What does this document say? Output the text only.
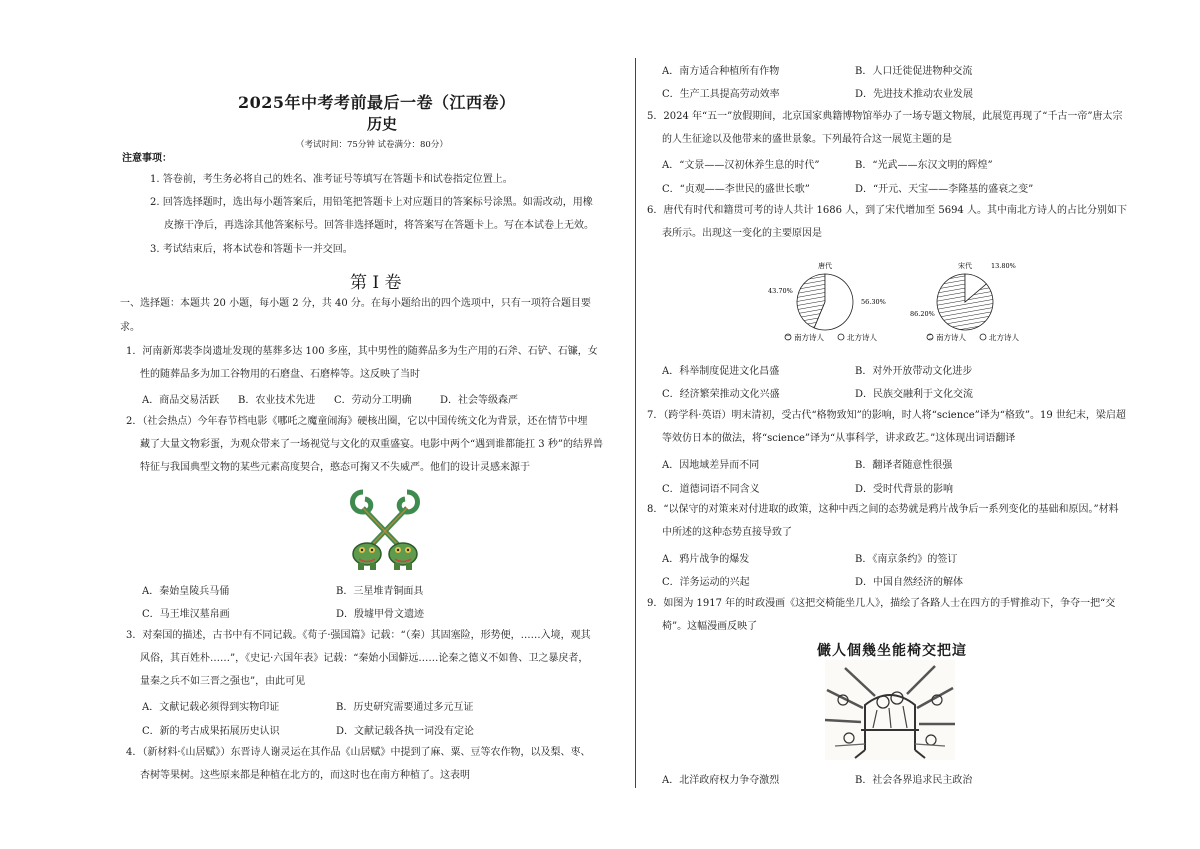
2025年中考考前最后一卷（江西卷）
历史
（考试时间：75分钟 试卷满分：80分）
注意事项：
1. 答卷前，考生务必将自己的姓名、准考证号等填写在答题卡和试卷指定位置上。
2. 回答选择题时，选出每小题答案后，用铅笔把答题卡上对应题目的答案标号涂黑。如需改动，用橡
皮擦干净后，再选涂其他答案标号。回答非选择题时，将答案写在答题卡上。写在本试卷上无效。
3. 考试结束后，将本试卷和答题卡一并交回。
第 I 卷
一、选择题：本题共 20 小题，每小题 2 分，共 40 分。在每小题给出的四个选项中，只有一项符合题目要
求。
1．河南新郑裴李岗遗址发现的墓葬多达 100 多座，其中男性的随葬品多为生产用的石斧、石铲、石镰，女
性的随葬品多为加工谷物用的石磨盘、石磨棒等。这反映了当时
A．商品交易活跃 B．农业技术先进 C．劳动分工明确	D．社会等级森严
2．（社会热点）今年春节档电影《哪吒之魔童闹海》硬核出圈，它以中国传统文化为背景，还在情节中埋
藏了大量文物彩蛋，为观众带来了一场视觉与文化的双重盛宴。电影中两个“遇到谁都能扛 3 秒”的结界兽
特征与我国典型文物的某些元素高度契合，憨态可掬又不失威严。他们的设计灵感来源于
A．秦始皇陵兵马俑	B．三星堆青铜面具
C．马王堆汉墓帛画	D．殷墟甲骨文遗迹
3．对秦国的描述，古书中有不同记载。《荀子·强国篇》记载：“（秦）其固塞险，形势便，……入境，观其
风俗，其百姓朴……”，《史记·六国年表》记载：“秦始小国僻远……论秦之德义不如鲁、卫之暴戾者，
量秦之兵不如三晋之强也”，由此可见
A．文献记载必须得到实物印证	B．历史研究需要通过多元互证
C．新的考古成果拓展历史认识	D．文献记载各执一词没有定论
4．（新材料·《山居赋》）东晋诗人谢灵运在其作品《山居赋》中提到了麻、粟、豆等农作物，以及梨、枣、
杏树等果树。这些原来都是种植在北方的，而这时也在南方种植了。这表明
A．南方适合种植所有作物	B．人口迁徙促进物种交流
C．生产工具提高劳动效率	D．先进技术推动农业发展
5．2024 年“五一”放假期间，北京国家典籍博物馆举办了一场专题文物展，此展览再现了“千古一帝”唐太宗
的人生征途以及他带来的盛世景象。下列最符合这一展览主题的是
A．“文景——汉初休养生息的时代”	B．“光武——东汉文明的辉煌”
C．“贞观——李世民的盛世长歌”	D．“开元、天宝——李隆基的盛衰之变”
6．唐代有时代和籍贯可考的诗人共计 1686 人，到了宋代增加至 5694 人。其中南北方诗人的占比分别如下
表所示。出现这一变化的主要原因是
唐代	宋代
43.70%
56.30%
86.20%
13.80%
南方诗人	北方诗人	南方诗人	北方诗人
A．科举制度促进文化昌盛	B．对外开放带动文化进步
C．经济繁荣推动文化兴盛	D．民族交融利于文化交流
7．（跨学科·英语）明末清初，受古代“格物致知”的影响，时人将“science”译为“格致”。19 世纪末，梁启超
等效仿日本的做法，将“science”译为“从事科学，讲求政艺。”这体现出词语翻译
A．因地域差异而不同	B．翻译者随意性很强
C．道德词语不同含义	D．受时代背景的影响
8．“以保守的对策来对付进取的政策，这种中西之间的态势就是鸦片战争后一系列变化的基础和原因。”材料
中所述的这种态势直接导致了
A．鸦片战争的爆发	B．《南京条约》的签订
C．洋务运动的兴起	D．中国自然经济的解体
9．如图为 1917 年的时政漫画《这把交椅能坐几人》，描绘了各路人士在四方的手臂推动下，争夺一把“交
椅”。这幅漫画反映了
𠑊人個幾坐能椅交把這
A．北洋政府权力争夺激烈	B．社会各界追求民主政治
